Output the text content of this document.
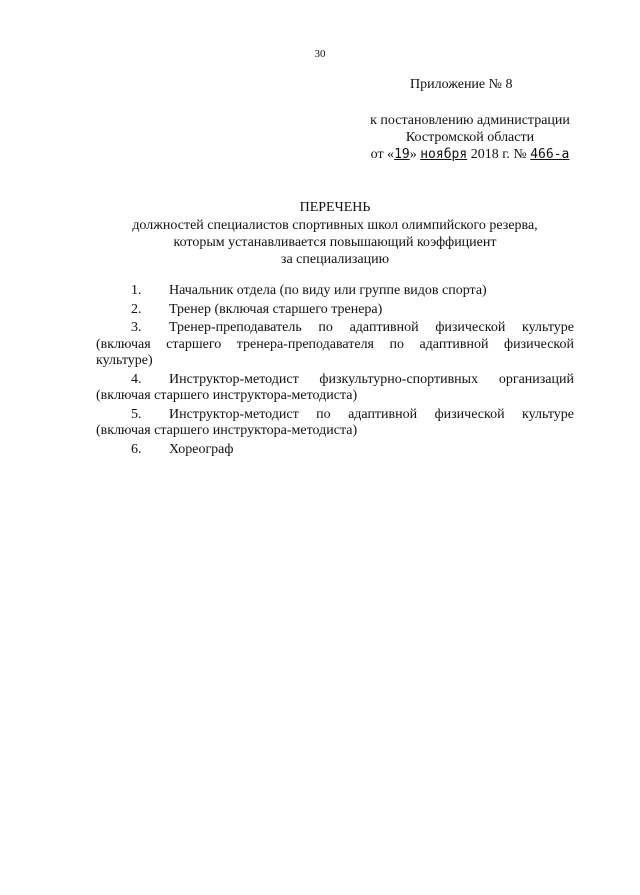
30
Приложение № 8
к постановлению администрации
Костромской области
от «19» ноября 2018 г. № 466-а
ПЕРЕЧЕНЬ
должностей специалистов спортивных школ олимпийского резерва,
которым устанавливается повышающий коэффициент
за специализацию

1. Начальник отдела (по виду или группе видов спорта)

2. Тренер (включая старшего тренера)

3. Тренер-преподаватель по адаптивной физической культуре (включая старшего тренера-преподавателя по адаптивной физической культуре)

4. Инструктор-методист физкультурно-спортивных организаций (включая старшего инструктора-методиста)

5. Инструктор-методист по адаптивной физической культуре (включая старшего инструктора-методиста)

6. Хореограф
